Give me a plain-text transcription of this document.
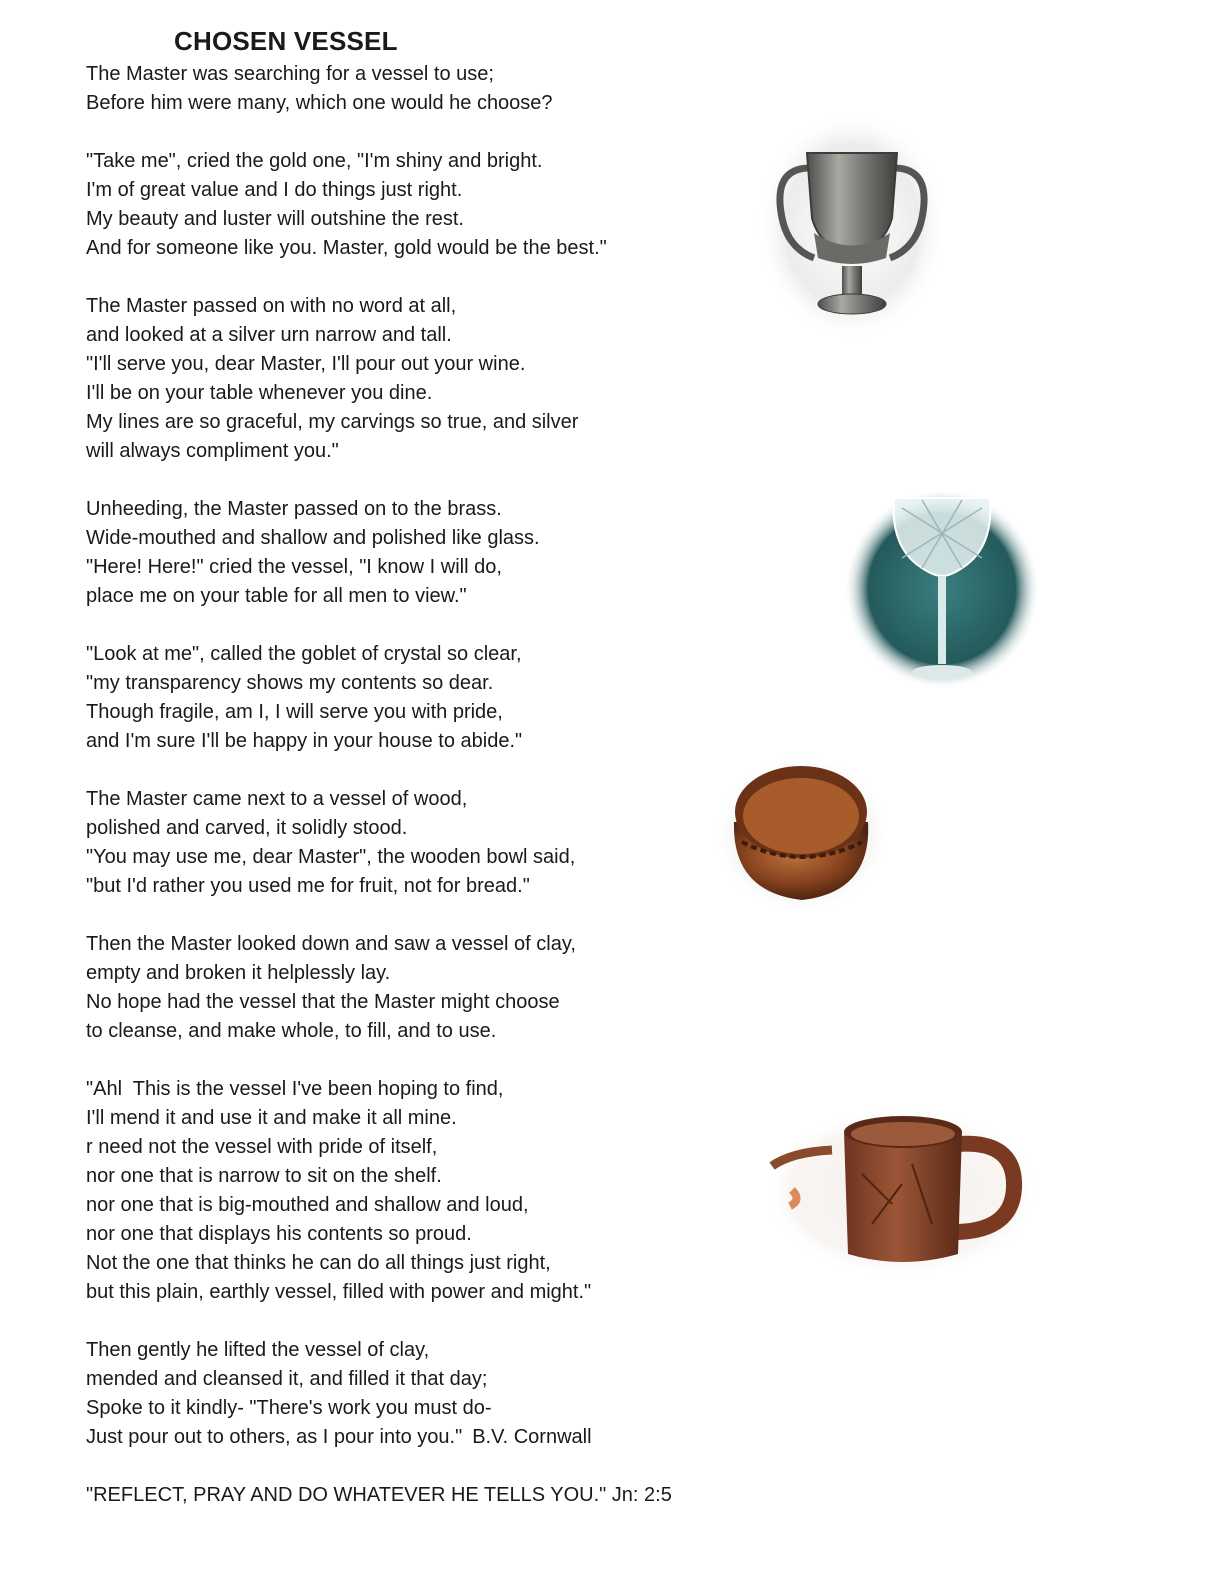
CHOSEN VESSEL
The Master was searching for a vessel to use;
Before him were many, which one would he choose?
"Take me", cried the gold one, "I'm shiny and bright.
I'm of great value and I do things just right.
My beauty and luster will outshine the rest.
And for someone like you. Master, gold would be the best."
The Master passed on with no word at all,
and looked at a silver urn narrow and tall.
"I'll serve you, dear Master, I'll pour out your wine.
I'll be on your table whenever you dine.
My lines are so graceful, my carvings so true, and silver
will always compliment you."
Unheeding, the Master passed on to the brass.
Wide-mouthed and shallow and polished like glass.
"Here! Here!" cried the vessel, "I know I will do,
place me on your table for all men to view."
"Look at me", called the goblet of crystal so clear,
"my transparency shows my contents so dear.
Though fragile, am I, I will serve you with pride,
and I'm sure I'll be happy in your house to abide."
The Master came next to a vessel of wood,
polished and carved, it solidly stood.
"You may use me, dear Master", the wooden bowl said,
"but I'd rather you used me for fruit, not for bread."
Then the Master looked down and saw a vessel of clay,
empty and broken it helplessly lay.
No hope had the vessel that the Master might choose
to cleanse, and make whole, to fill, and to use.
"Ahl  This is the vessel I've been hoping to find,
I'll mend it and use it and make it all mine.
r need not the vessel with pride of itself,
nor one that is narrow to sit on the shelf.
nor one that is big-mouthed and shallow and loud,
nor one that displays his contents so proud.
Not the one that thinks he can do all things just right,
but this plain, earthly vessel, filled with power and might."
Then gently he lifted the vessel of clay,
mended and cleansed it, and filled it that day;
Spoke to it kindly- "There's work you must do-
Just pour out to others, as I pour into you." B.V. Cornwall
"REFLECT, PRAY AND DO WHATEVER HE TELLS YOU." Jn: 2:5
